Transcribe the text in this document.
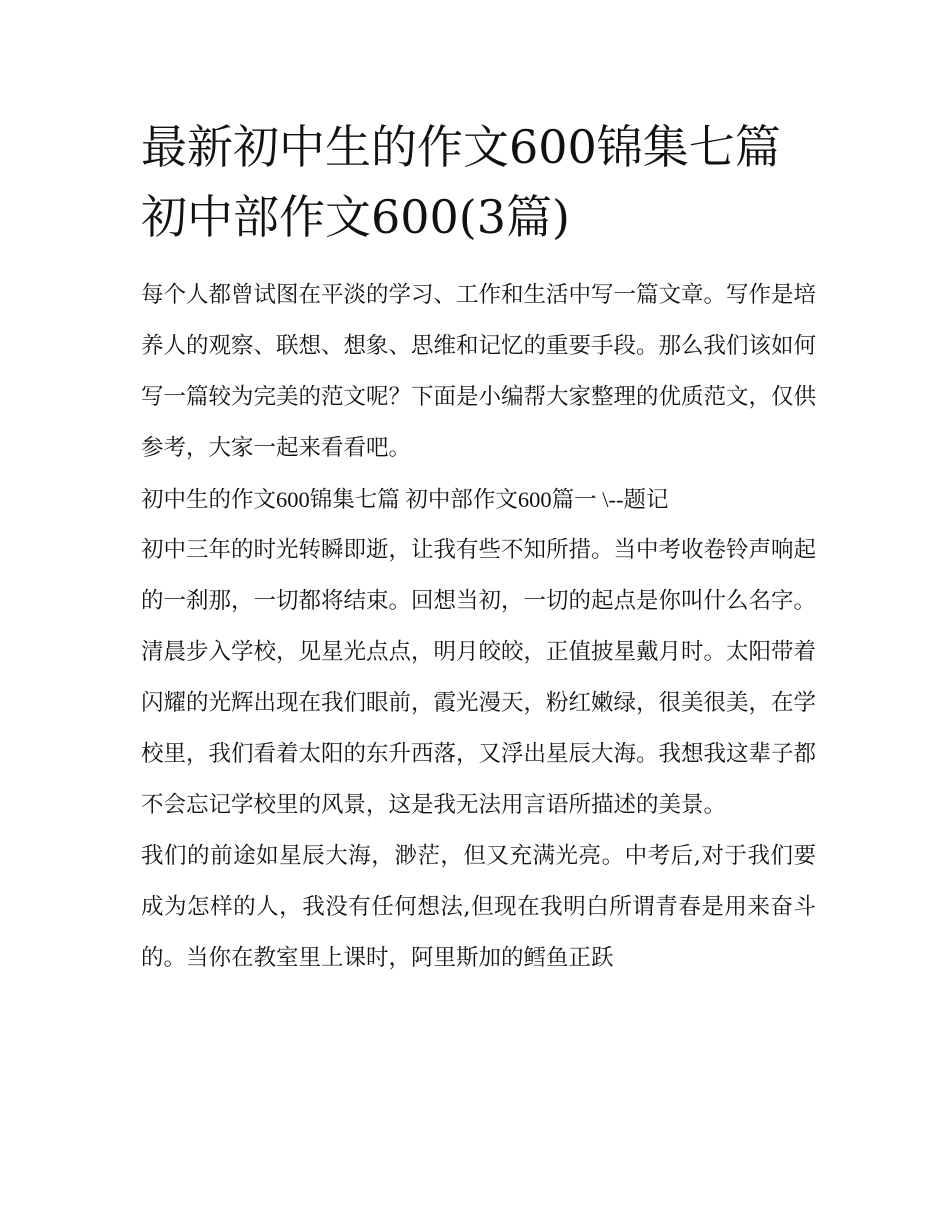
最新初中生的作文600锦集七篇 初中部作文600(3篇)

每个人都曾试图在平淡的学习、工作和生活中写一篇文章。写作是培养人的观察、联想、想象、思维和记忆的重要手段。那么我们该如何写一篇较为完美的范文呢？下面是小编帮大家整理的优质范文，仅供参考，大家一起来看看吧。

初中生的作文600锦集七篇 初中部作文600篇一 \--题记

初中三年的时光转瞬即逝，让我有些不知所措。当中考收卷铃声响起的一刹那，一切都将结束。回想当初，一切的起点是你叫什么名字。

清晨步入学校，见星光点点，明月皎皎，正值披星戴月时。太阳带着闪耀的光辉出现在我们眼前，霞光漫天，粉红嫩绿，很美很美，在学校里，我们看着太阳的东升西落，又浮出星辰大海。我想我这辈子都不会忘记学校里的风景，这是我无法用言语所描述的美景。

我们的前途如星辰大海，渺茫，但又充满光亮。中考后,对于我们要成为怎样的人，我没有任何想法,但现在我明白所谓青春是用来奋斗的。当你在教室里上课时，阿里斯加的鳕鱼正跃
